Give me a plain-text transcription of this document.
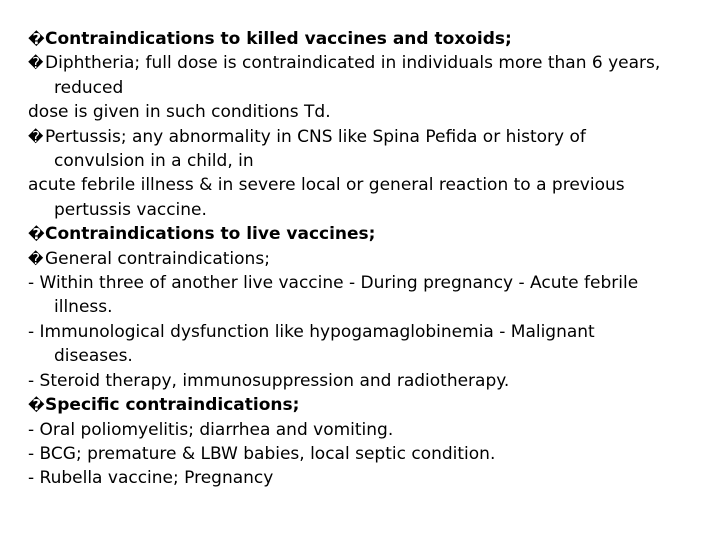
�Contraindications to killed vaccines and toxoids;
�Diphtheria; full dose is contraindicated in individuals more than 6 years,
reduced
dose is given in such conditions Td.
�Pertussis; any abnormality in CNS like Spina Pefida or history of
convulsion in a child, in
acute febrile illness & in severe local or general reaction to a previous
pertussis vaccine.
�Contraindications to live vaccines;
�General contraindications;
- Within three of another live vaccine - During pregnancy - Acute febrile
illness.
- Immunological dysfunction like hypogamaglobinemia - Malignant
diseases.
- Steroid therapy, immunosuppression and radiotherapy.
�Specific contraindications;
- Oral poliomyelitis; diarrhea and vomiting.
- BCG; premature & LBW babies, local septic condition.
- Rubella vaccine; Pregnancy
